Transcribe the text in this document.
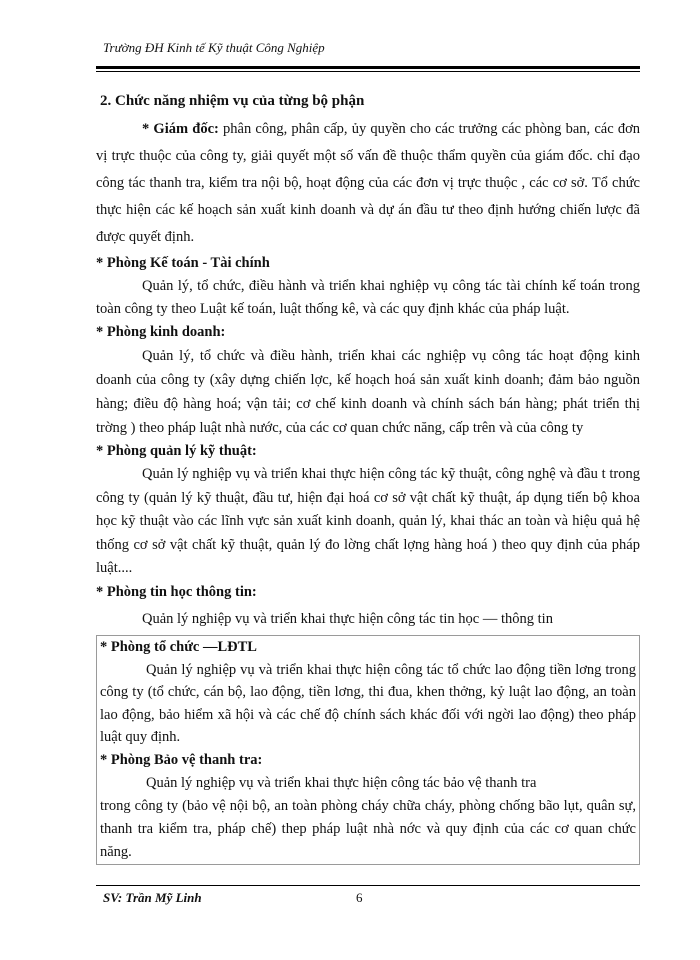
Trường ĐH Kinh tế Kỹ thuật Công Nghiệp

2. Chức năng nhiệm vụ của từng bộ phận

* Giám đốc: phân công, phân cấp, ủy quyền cho các trưởng các phòng ban, các đơn vị trực thuộc của công ty, giải quyết một số vấn đề thuộc thẩm quyền của giám đốc. chỉ đạo công tác thanh tra, kiểm tra nội bộ, hoạt động của các đơn vị trực thuộc , các cơ sở. Tổ chức thực hiện các kế hoạch sản xuất kinh doanh và dự án đầu tư theo định hướng chiến lược đã được quyết định.

* Phòng Kế toán - Tài chính

Quản lý, tổ chức, điều hành và triển khai nghiệp vụ công tác tài chính kế toán trong toàn công ty theo Luật kế toán, luật thống kê, và các quy định khác của pháp luật.

* Phòng kinh doanh:

Quản lý, tổ chức và điều hành, triển khai các nghiệp vụ công tác hoạt động kinh doanh của công ty (xây dựng chiến lợc, kế hoạch hoá sản xuất kinh doanh; đảm bảo nguồn hàng; điều độ hàng hoá; vận tải; cơ chế kinh doanh và chính sách bán hàng; phát triển thị trờng ) theo pháp luật nhà nước, của các cơ quan chức năng, cấp trên và của công ty

* Phòng quản lý kỹ thuật:

Quản lý nghiệp vụ và triển khai thực hiện công tác kỹ thuật, công nghệ và đầu t trong công ty (quản lý kỹ thuật, đầu tư, hiện đại hoá cơ sở vật chất kỹ thuật, áp dụng tiến bộ khoa học kỹ thuật vào các lĩnh vực sản xuất kinh doanh, quản lý, khai thác an toàn và hiệu quả hệ thống cơ sở vật chất kỹ thuật, quản lý đo lờng chất lợng hàng hoá ) theo quy định của pháp luật....

* Phòng tin học thông tin:

Quản lý nghiệp vụ và triển khai thực hiện công tác tin học — thông tin

* Phòng tổ chức —LĐTL

Quản lý nghiệp vụ và triển khai thực hiện công tác tổ chức lao động tiền lơng trong công ty (tổ chức, cán bộ, lao động, tiền lơng, thi đua, khen thởng, kỷ luật lao động, an toàn lao động, bảo hiểm xã hội và các chế độ chính sách khác đối với ngời lao động) theo pháp luật quy định.

* Phòng Bảo vệ thanh tra:

Quản lý nghiệp vụ và triển khai thực hiện công tác bảo vệ thanh tra

trong công ty (bảo vệ nội bộ, an toàn phòng cháy chữa cháy, phòng chống bão lụt, quân sự, thanh tra kiểm tra, pháp chế) thep pháp luật nhà nớc và quy định của các cơ quan chức năng.

SV: Trần Mỹ Linh	6
